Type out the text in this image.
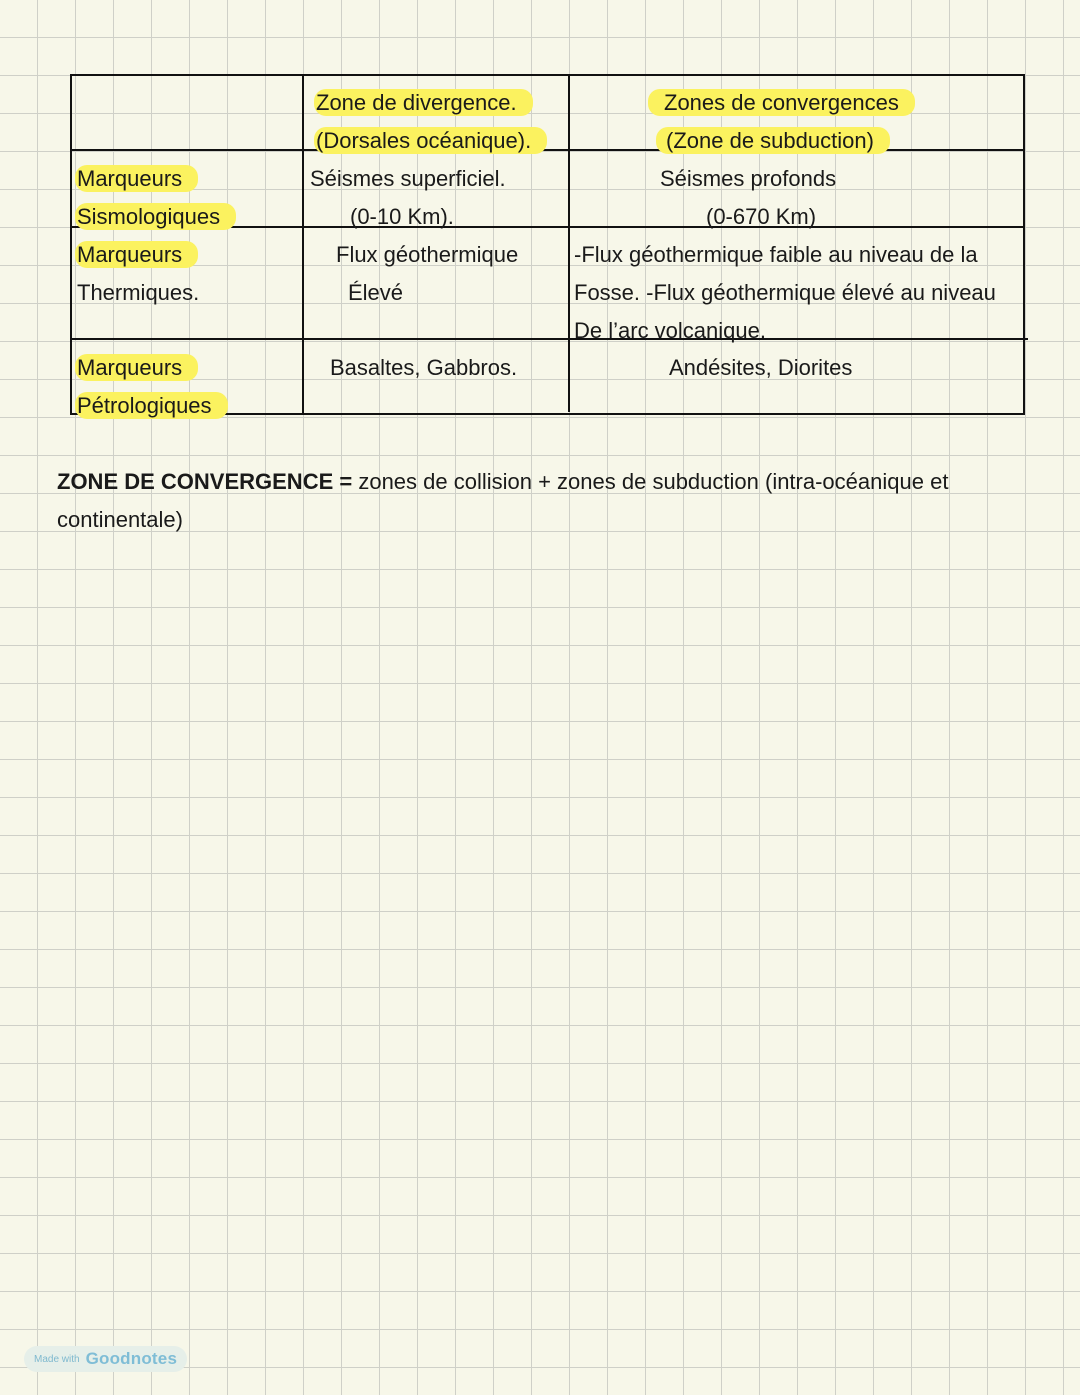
Zone de divergence.
(Dorsales océanique).
Zones de convergences
(Zone de subduction)
Marqueurs
Sismologiques
Séismes superficiel.
(0-10 Km).
Séismes profonds
(0-670 Km)
Marqueurs
Thermiques.
Flux géothermique
Élevé
-Flux géothermique faible au niveau de la
Fosse. -Flux géothermique élevé au niveau
De l’arc volcanique.
Marqueurs
Pétrologiques
Basaltes, Gabbros.	Andésites, Diorites
ZONE DE CONVERGENCE = zones de collision + zones de subduction (intra-océanique et
continentale)
Made with Goodnotes
